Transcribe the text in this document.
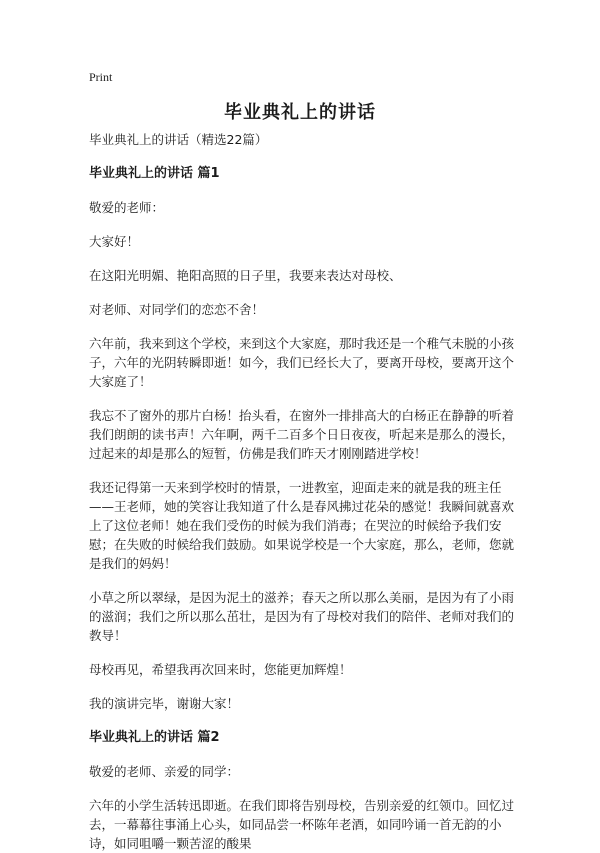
Print
毕业典礼上的讲话

毕业典礼上的讲话（精选22篇）

毕业典礼上的讲话 篇1

敬爱的老师：

大家好！

在这阳光明媚、艳阳高照的日子里，我要来表达对母校、

对老师、对同学们的恋恋不舍！

六年前，我来到这个学校，来到这个大家庭，那时我还是一个稚气未脱的小孩子，六年的光阴转瞬即逝！如今，我们已经长大了，要离开母校，要离开这个大家庭了！

我忘不了窗外的那片白杨！抬头看，在窗外一排排高大的白杨正在静静的听着我们朗朗的读书声！六年啊，两千二百多个日日夜夜，听起来是那么的漫长，过起来的却是那么的短暂，仿佛是我们昨天才刚刚踏进学校！

我还记得第一天来到学校时的情景，一进教室，迎面走来的就是我的班主任——王老师，她的笑容让我知道了什么是春风拂过花朵的感觉！我瞬间就喜欢上了这位老师！她在我们受伤的时候为我们消毒；在哭泣的时候给予我们安慰；在失败的时候给我们鼓励。如果说学校是一个大家庭，那么，老师，您就是我们的妈妈！

小草之所以翠绿，是因为泥土的滋养；春天之所以那么美丽，是因为有了小雨的滋润；我们之所以那么茁壮，是因为有了母校对我们的陪伴、老师对我们的教导！

母校再见，希望我再次回来时，您能更加辉煌！

我的演讲完毕，谢谢大家！

毕业典礼上的讲话 篇2

敬爱的老师、亲爱的同学：

六年的小学生活转迅即逝。在我们即将告别母校，告别亲爱的红领巾。回忆过去，一幕幕往事涌上心头，如同品尝一杯陈年老酒，如同吟诵一首无韵的小诗，如同咀嚼一颗苦涩的酸果
